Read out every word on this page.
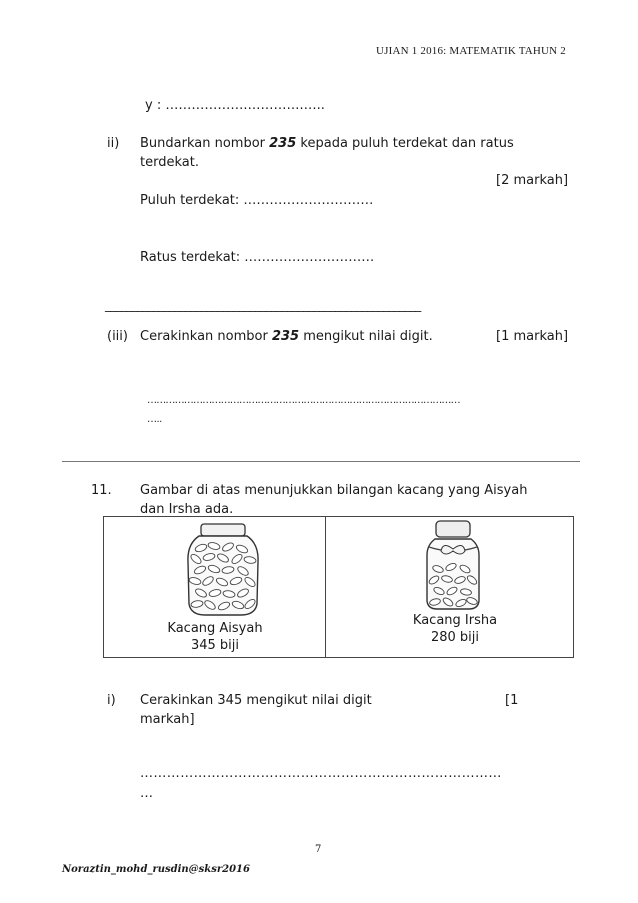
UJIAN 1 2016: MATEMATIK TAHUN 2
y : ……………….………….…..
ii) Bundarkan nombor 235 kepada puluh terdekat dan ratus
terdekat.
[2 markah]
Puluh terdekat: …………………………
Ratus terdekat: …………………………
___________________________________________________________
(iii) Cerakinkan nombor 235 mengikut nilai digit.	[1 markah]
…………………………………………………………………………………………
…..
11. Gambar di atas menunjukkan bilangan kacang yang Aisyah
dan Irsha ada.
Kacang Aisyah
345 biji
Kacang Irsha
280 biji
i) Cerakinkan 345 mengikut nilai digit	[1
markah]
………………………………………………………………………
…
7
Noraztin_mohd_rusdin@sksr2016
